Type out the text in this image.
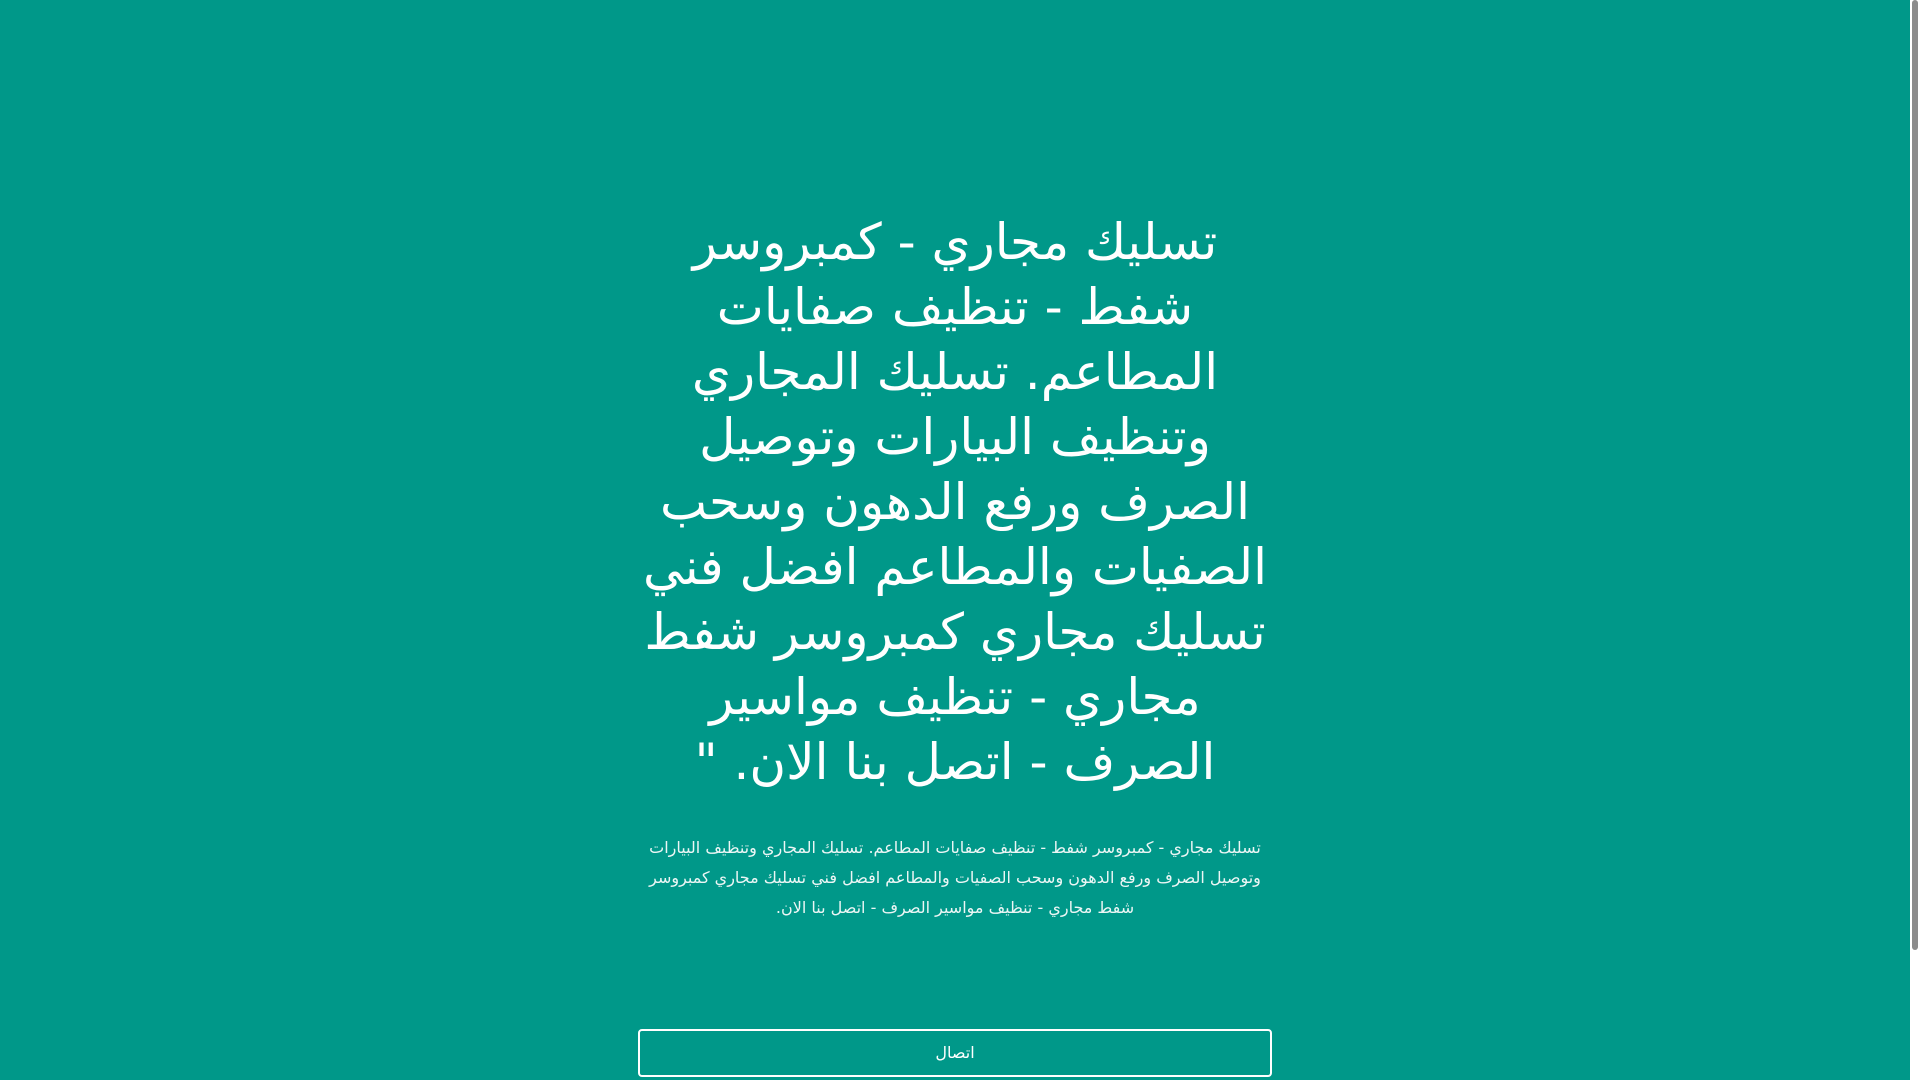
تسليك مجاري - كمبروسر شفط - تنظيف صفايات المطاعم. تسليك المجاري وتنظيف البيارات وتوصيل الصرف ورفع الدهون وسحب الصفيات والمطاعم افضل فني تسليك مجاري كمبروسر شفط مجاري - تنظيف مواسير الصرف - اتصل بنا الان. "

تسليك مجاري - كمبروسر شفط - تنظيف صفايات المطاعم. تسليك المجاري وتنظيف البيارات وتوصيل الصرف ورفع الدهون وسحب الصفيات والمطاعم افضل فني تسليك مجاري كمبروسر شفط مجاري - تنظيف مواسير الصرف - اتصل بنا الان.

اتصال
